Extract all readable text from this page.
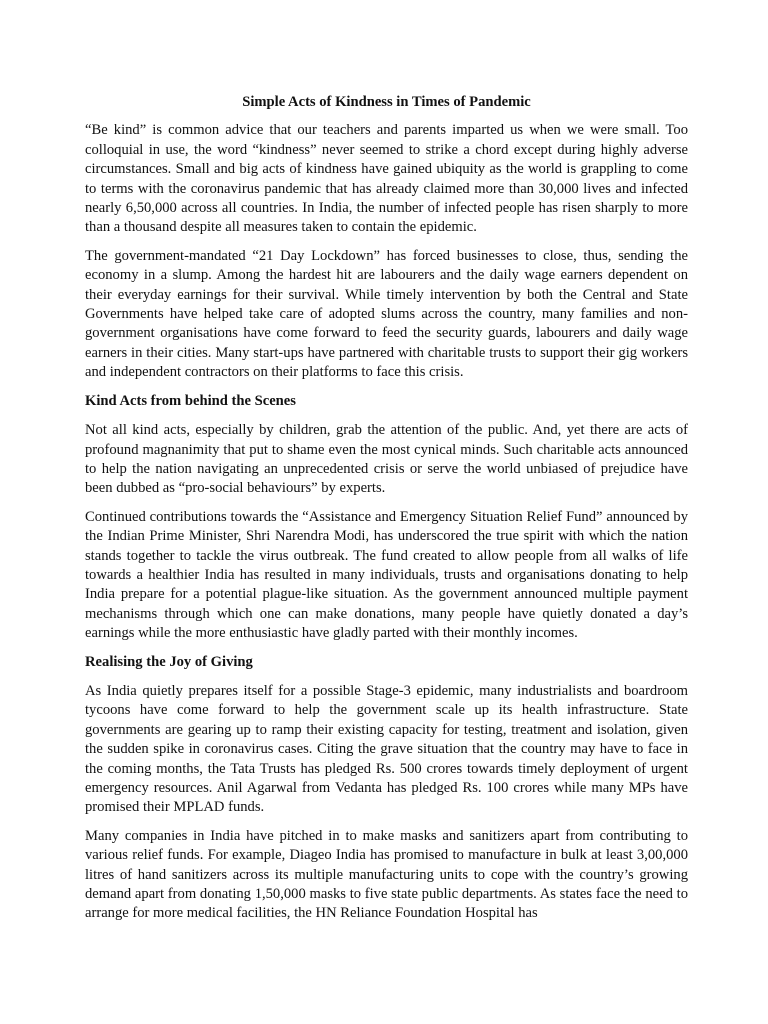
Simple Acts of Kindness in Times of Pandemic
“Be kind” is common advice that our teachers and parents imparted us when we were small. Too colloquial in use, the word “kindness” never seemed to strike a chord except during highly adverse circumstances. Small and big acts of kindness have gained ubiquity as the world is grappling to come to terms with the coronavirus pandemic that has already claimed more than 30,000 lives and infected nearly 6,50,000 across all countries. In India, the number of infected people has risen sharply to more than a thousand despite all measures taken to contain the epidemic.
The government-mandated “21 Day Lockdown” has forced businesses to close, thus, sending the economy in a slump. Among the hardest hit are labourers and the daily wage earners dependent on their everyday earnings for their survival. While timely intervention by both the Central and State Governments have helped take care of adopted slums across the country, many families and non-government organisations have come forward to feed the security guards, labourers and daily wage earners in their cities. Many start-ups have partnered with charitable trusts to support their gig workers and independent contractors on their platforms to face this crisis.
Kind Acts from behind the Scenes
Not all kind acts, especially by children, grab the attention of the public. And, yet there are acts of profound magnanimity that put to shame even the most cynical minds. Such charitable acts announced to help the nation navigating an unprecedented crisis or serve the world unbiased of prejudice have been dubbed as “pro-social behaviours” by experts.
Continued contributions towards the “Assistance and Emergency Situation Relief Fund” announced by the Indian Prime Minister, Shri Narendra Modi, has underscored the true spirit with which the nation stands together to tackle the virus outbreak. The fund created to allow people from all walks of life towards a healthier India has resulted in many individuals, trusts and organisations donating to help India prepare for a potential plague-like situation. As the government announced multiple payment mechanisms through which one can make donations, many people have quietly donated a day’s earnings while the more enthusiastic have gladly parted with their monthly incomes.
Realising the Joy of Giving
As India quietly prepares itself for a possible Stage-3 epidemic, many industrialists and boardroom tycoons have come forward to help the government scale up its health infrastructure. State governments are gearing up to ramp their existing capacity for testing, treatment and isolation, given the sudden spike in coronavirus cases. Citing the grave situation that the country may have to face in the coming months, the Tata Trusts has pledged Rs. 500 crores towards timely deployment of urgent emergency resources. Anil Agarwal from Vedanta has pledged Rs. 100 crores while many MPs have promised their MPLAD funds.
Many companies in India have pitched in to make masks and sanitizers apart from contributing to various relief funds. For example, Diageo India has promised to manufacture in bulk at least 3,00,000 litres of hand sanitizers across its multiple manufacturing units to cope with the country’s growing demand apart from donating 1,50,000 masks to five state public departments. As states face the need to arrange for more medical facilities, the HN Reliance Foundation Hospital has
